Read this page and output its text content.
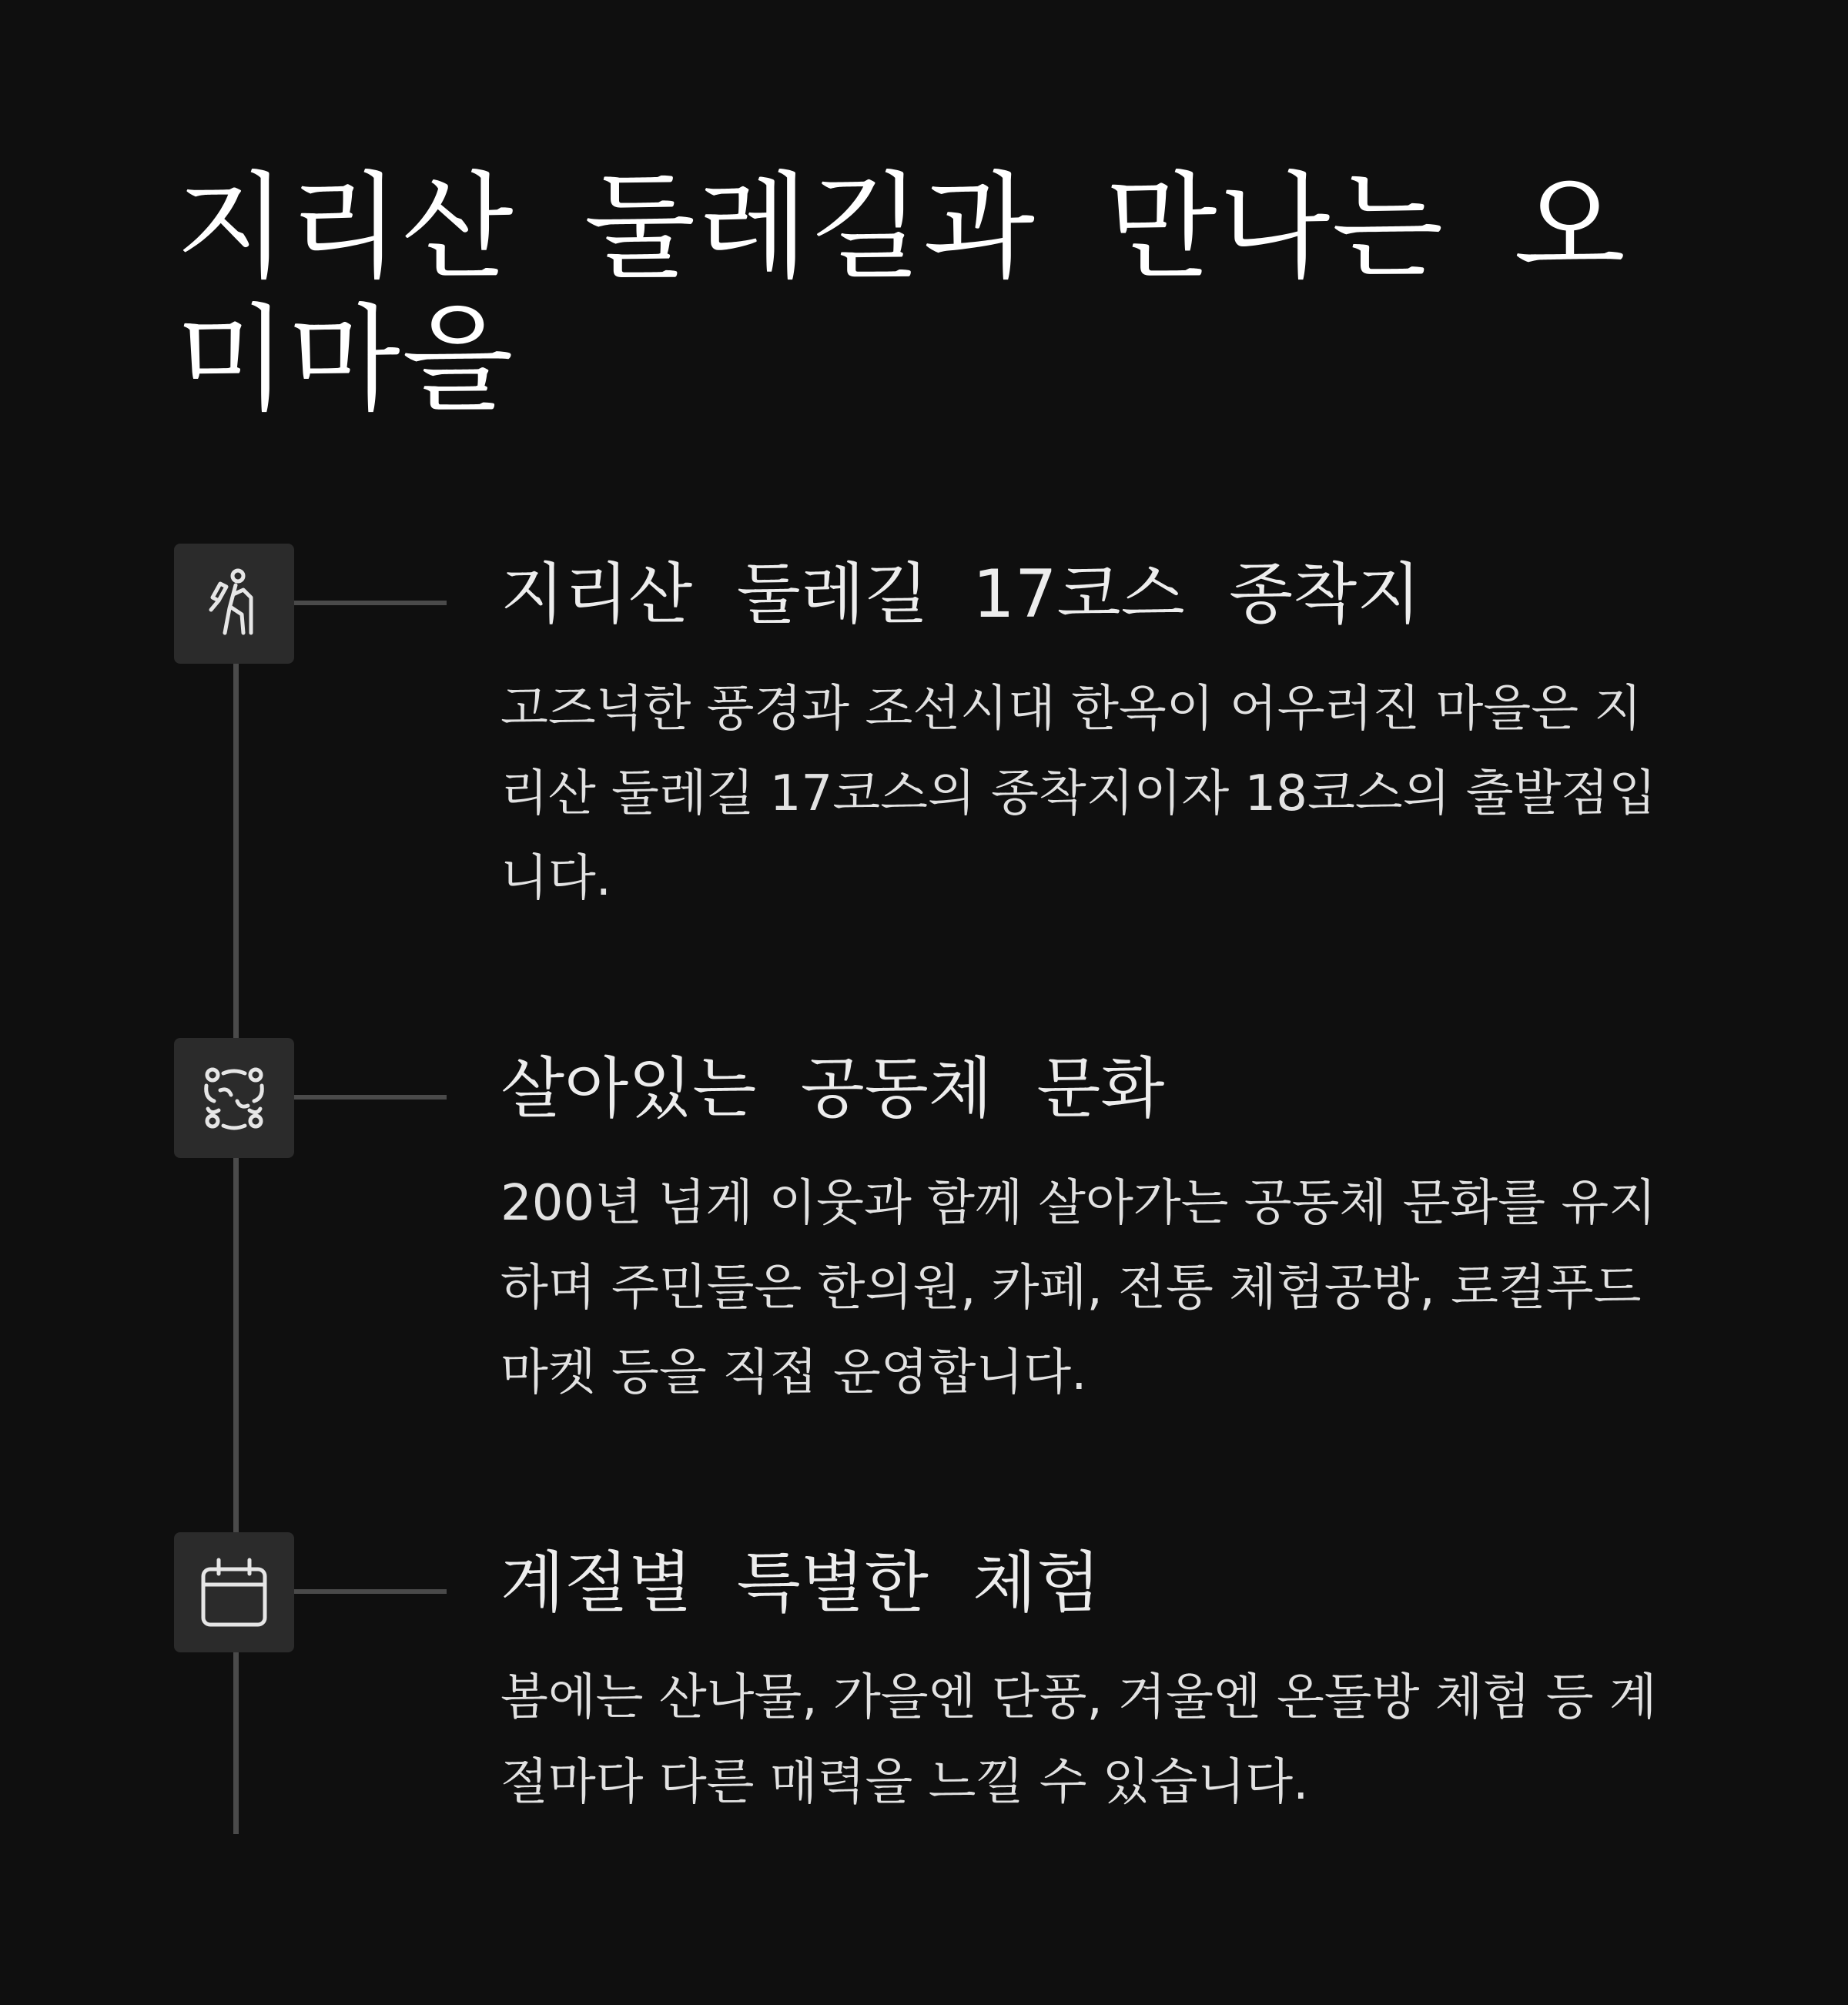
지리산 둘레길과 만나는 오미마을
지리산 둘레길 17코스 종착지
고즈넉한 풍경과 조선시대 한옥이 어우러진 마을은 지리산 둘레길 17코스의 종착지이자 18코스의 출발점입니다.
살아있는 공동체 문화
200년 넘게 이웃과 함께 살아가는 공동체 문화를 유지하며 주민들은 한의원, 카페, 전통 체험공방, 로컬푸드 마켓 등을 직접 운영합니다.
계절별 특별한 체험
봄에는 산나물, 가을엔 단풍, 겨울엔 온돌방 체험 등 계절마다 다른 매력을 느낄 수 있습니다.
